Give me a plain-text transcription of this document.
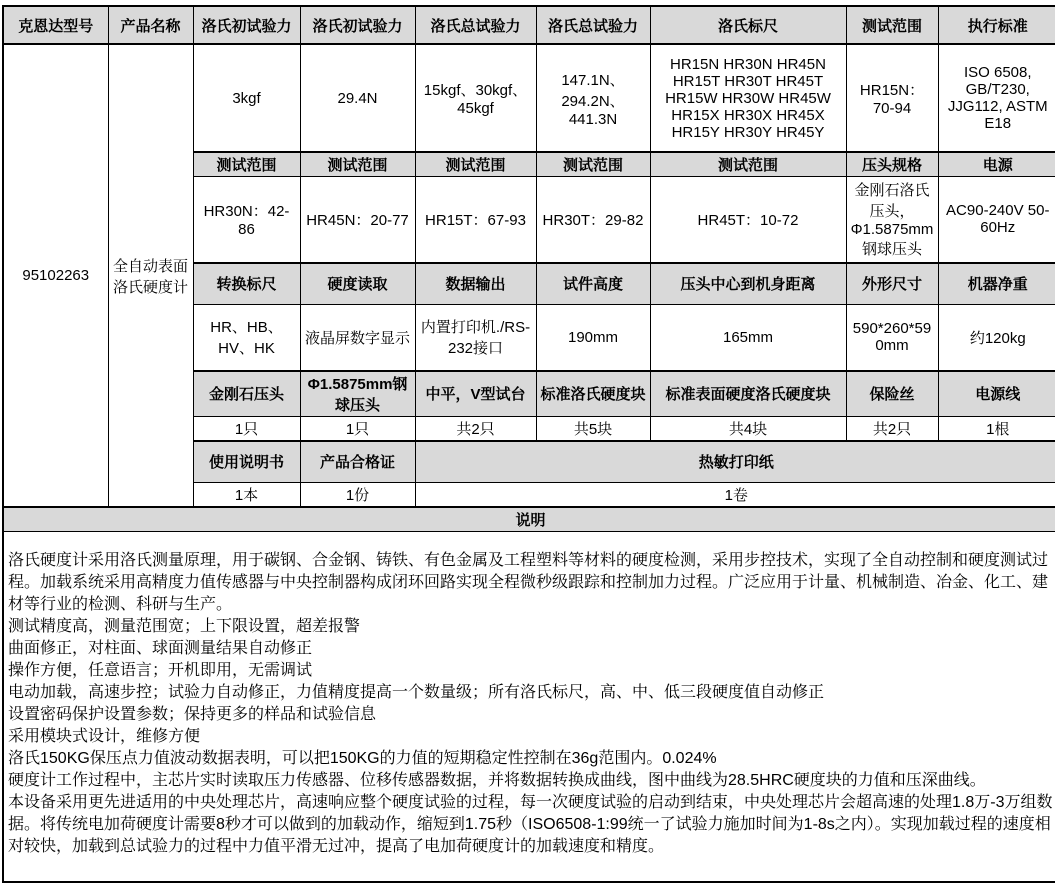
克恩达型号	产品名称	洛氏初试验力	洛氏初试验力	洛氏总试验力	洛氏总试验力	洛氏标尺	测试范围	执行标准
95102263	全自动表面洛氏硬度计	3kgf	29.4N	15kgf、30kgf、45kgf	147.1N、294.2N、441.3N	HR15N HR30N HR45N HR15T HR30T HR45T HR15W HR30W HR45W HR15X HR30X HR45X HR15Y HR30Y HR45Y	HR15N：70-94	ISO 6508, GB/T230, JJG112, ASTM E18
		测试范围	测试范围	测试范围	测试范围	测试范围	压头规格	电源
		HR30N：42-86	HR45N：20-77	HR15T：67-93	HR30T：29-82	HR45T：10-72	金刚石洛氏压头，Φ1.5875mm钢球压头	AC90-240V 50-60Hz
		转换标尺	硬度读取	数据输出	试件高度	压头中心到机身距离	外形尺寸	机器净重
		HR、HB、HV、HK	液晶屏数字显示	内置打印机./RS-232接口	190mm	165mm	590*260*590mm	约120kg
		金刚石压头	Φ1.5875mm钢球压头	中平，V型试台	标准洛氏硬度块	标准表面硬度洛氏硬度块	保险丝	电源线
		1只	1只	共2只	共5块	共4块	共2只	1根
		使用说明书	产品合格证	热敏打印纸				
		1本	1份	1卷				
说明								

洛氏硬度计采用洛氏测量原理，用于碳钢、合金钢、铸铁、有色金属及工程塑料等材料的硬度检测，采用步控技术，实现了全自动控制和硬度测试过程。加载系统采用高精度力值传感器与中央控制器构成闭环回路实现全程微秒级跟踪和控制加力过程。广泛应用于计量、机械制造、冶金、化工、建材等行业的检测、科研与生产。
测试精度高，测量范围宽；上下限设置，超差报警
曲面修正，对柱面、球面测量结果自动修正
操作方便，任意语言；开机即用，无需调试
电动加载，高速步控；试验力自动修正，力值精度提高一个数量级；所有洛氏标尺，高、中、低三段硬度值自动修正
设置密码保护设置参数；保持更多的样品和试验信息
采用模块式设计，维修方便
洛氏150KG保压点力值波动数据表明，可以把150KG的力值的短期稳定性控制在36g范围内。0.024%
硬度计工作过程中，主芯片实时读取压力传感器、位移传感器数据，并将数据转换成曲线，图中曲线为28.5HRC硬度块的力值和压深曲线。
本设备采用更先进适用的中央处理芯片，高速响应整个硬度试验的过程，每一次硬度试验的启动到结束，中央处理芯片会超高速的处理1.8万-3万组数据。将传统电加荷硬度计需要8秒才可以做到的加载动作，缩短到1.75秒（ISO6508-1:99统一了试验力施加时间为1-8s之内）。实现加载过程的速度相对较快，加载到总试验力的过程中力值平滑无过冲，提高了电加荷硬度计的加载速度和精度。
